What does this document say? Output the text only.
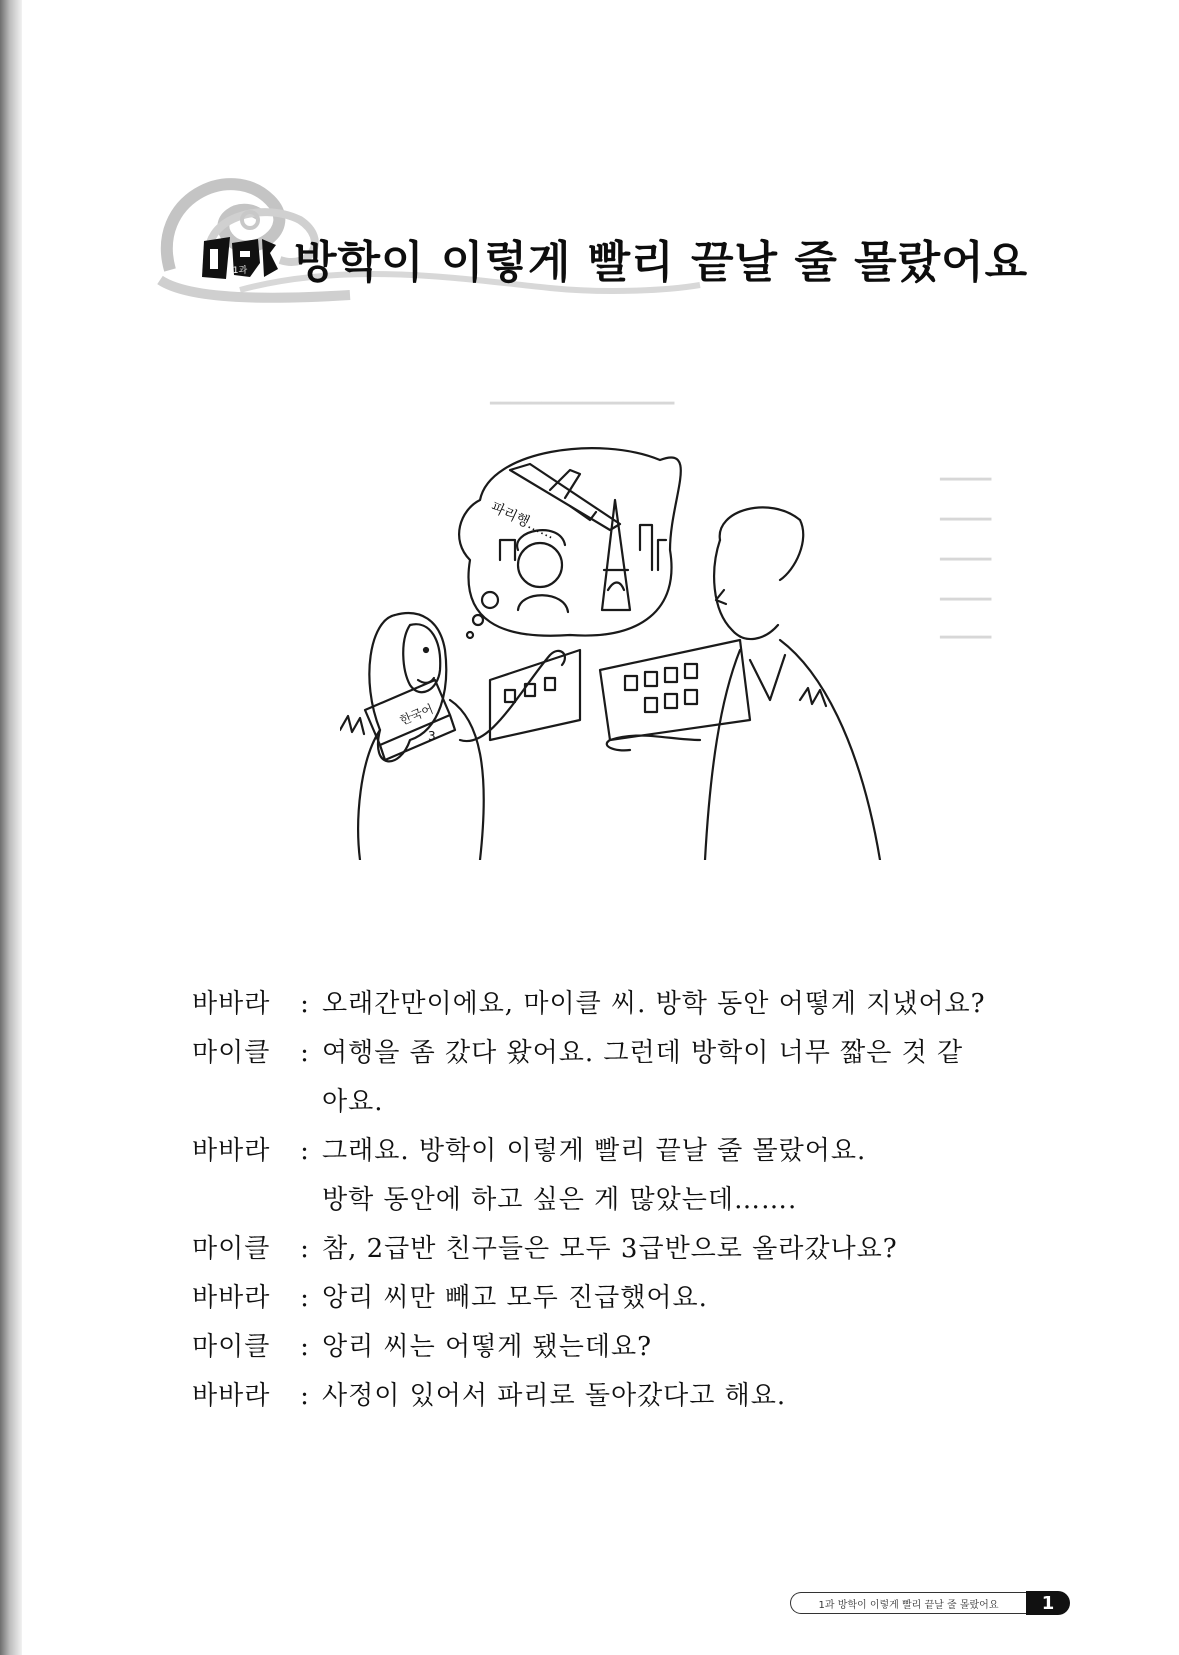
━━━━━━━━━━━━━━━━━━
━━━━━
━━━━━
━━━━━
━━━━━
━━━━━
1과 방학이 이렇게 빨리 끝날 줄 몰랐어요
한국어
3
파리행……
바바라	: 오래간만이에요, 마이클 씨. 방학 동안 어떻게 지냈어요?
마이클	: 여행을 좀 갔다 왔어요. 그런데 방학이 너무 짧은 것 같
아요.
바바라	: 그래요. 방학이 이렇게 빨리 끝날 줄 몰랐어요.
방학 동안에 하고 싶은 게 많았는데…….
마이클	: 참, 2급반 친구들은 모두 3급반으로 올라갔나요?
바바라	: 앙리 씨만 빼고 모두 진급했어요.
마이클	: 앙리 씨는 어떻게 됐는데요?
바바라	: 사정이 있어서 파리로 돌아갔다고 해요.
1과 방학이 이렇게 빨리 끝날 줄 몰랐어요	1
